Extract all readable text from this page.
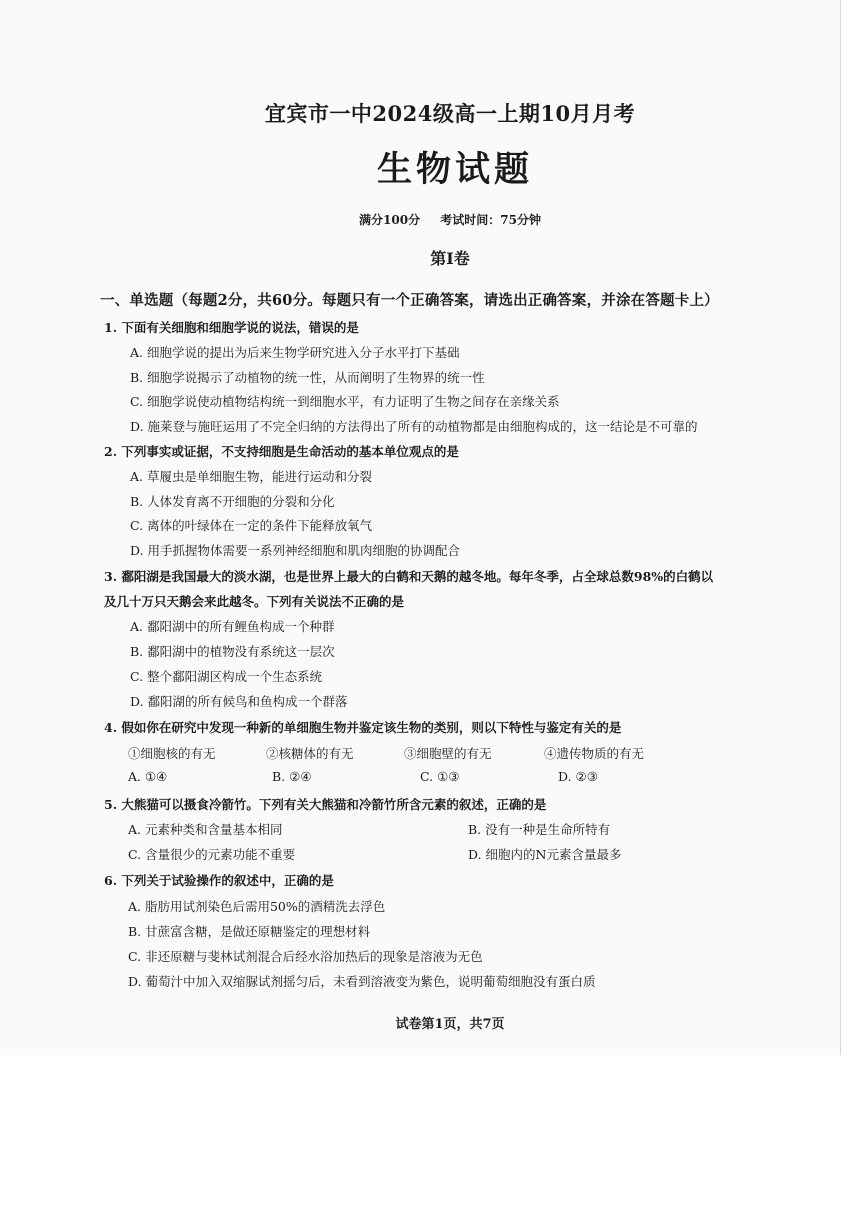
宜宾市一中2024级高一上期10月月考
生物试题
满分100分 考试时间：75分钟
第I卷
一、单选题（每题2分，共60分。每题只有一个正确答案，请选出正确答案，并涂在答题卡上）
1. 下面有关细胞和细胞学说的说法，错误的是
A. 细胞学说的提出为后来生物学研究进入分子水平打下基础
B. 细胞学说揭示了动植物的统一性，从而阐明了生物界的统一性
C. 细胞学说使动植物结构统一到细胞水平，有力证明了生物之间存在亲缘关系
D. 施莱登与施旺运用了不完全归纳的方法得出了所有的动植物都是由细胞构成的，这一结论是不可靠的
2. 下列事实或证据，不支持细胞是生命活动的基本单位观点的是
A. 草履虫是单细胞生物，能进行运动和分裂
B. 人体发育离不开细胞的分裂和分化
C. 离体的叶绿体在一定的条件下能释放氧气
D. 用手抓握物体需要一系列神经细胞和肌肉细胞的协调配合
3. 鄱阳湖是我国最大的淡水湖，也是世界上最大的白鹤和天鹅的越冬地。每年冬季，占全球总数98%的白鹤以
及几十万只天鹅会来此越冬。下列有关说法不正确的是
A. 鄱阳湖中的所有鲤鱼构成一个种群
B. 鄱阳湖中的植物没有系统这一层次
C. 整个鄱阳湖区构成一个生态系统
D. 鄱阳湖的所有候鸟和鱼构成一个群落
4. 假如你在研究中发现一种新的单细胞生物并鉴定该生物的类别，则以下特性与鉴定有关的是
①细胞核的有无	②核糖体的有无	③细胞壁的有无	④遗传物质的有无
A. ①④	B. ②④	C. ①③	D. ②③
5. 大熊猫可以摄食冷箭竹。下列有关大熊猫和冷箭竹所含元素的叙述，正确的是
A. 元素种类和含量基本相同	B. 没有一种是生命所特有
C. 含量很少的元素功能不重要	D. 细胞内的N元素含量最多
6. 下列关于试验操作的叙述中，正确的是
A. 脂肪用试剂染色后需用50%的酒精洗去浮色
B. 甘蔗富含糖，是做还原糖鉴定的理想材料
C. 非还原糖与斐林试剂混合后经水浴加热后的现象是溶液为无色
D. 葡萄汁中加入双缩脲试剂摇匀后，未看到溶液变为紫色，说明葡萄细胞没有蛋白质
试卷第1页，共7页
